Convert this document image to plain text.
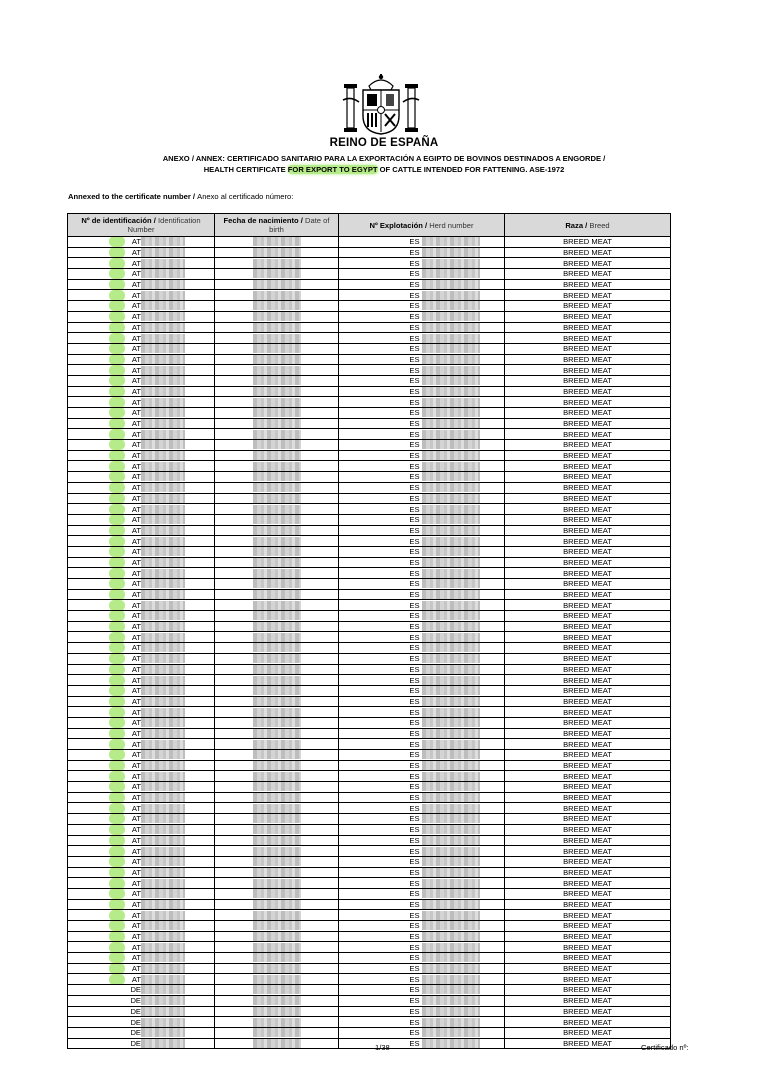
REINO DE ESPAÑA
ANEXO / ANNEX: CERTIFICADO SANITARIO PARA LA EXPORTACIÓN A EGIPTO DE BOVINOS DESTINADOS A ENGORDE /
HEALTH CERTIFICATE FOR EXPORT TO EGYPT OF CATTLE INTENDED FOR FATTENING. ASE-1972
Annexed to the certificate number / Anexo al certificado número:
Nº de identificación / Identification Number	Fecha de nacimiento / Date of birth	Nº Explotación / Herd number	Raza / Breed
AT		ES	BREED MEAT
AT		ES	BREED MEAT
AT		ES	BREED MEAT
AT		ES	BREED MEAT
AT		ES	BREED MEAT
AT		ES	BREED MEAT
AT		ES	BREED MEAT
AT		ES	BREED MEAT
AT		ES	BREED MEAT
AT		ES	BREED MEAT
AT		ES	BREED MEAT
AT		ES	BREED MEAT
AT		ES	BREED MEAT
AT		ES	BREED MEAT
AT		ES	BREED MEAT
AT		ES	BREED MEAT
AT		ES	BREED MEAT
AT		ES	BREED MEAT
AT		ES	BREED MEAT
AT		ES	BREED MEAT
AT		ES	BREED MEAT
AT		ES	BREED MEAT
AT		ES	BREED MEAT
AT		ES	BREED MEAT
AT		ES	BREED MEAT
AT		ES	BREED MEAT
AT		ES	BREED MEAT
AT		ES	BREED MEAT
AT		ES	BREED MEAT
AT		ES	BREED MEAT
AT		ES	BREED MEAT
AT		ES	BREED MEAT
AT		ES	BREED MEAT
AT		ES	BREED MEAT
AT		ES	BREED MEAT
AT		ES	BREED MEAT
AT		ES	BREED MEAT
AT		ES	BREED MEAT
AT		ES	BREED MEAT
AT		ES	BREED MEAT
AT		ES	BREED MEAT
AT		ES	BREED MEAT
AT		ES	BREED MEAT
AT		ES	BREED MEAT
AT		ES	BREED MEAT
AT		ES	BREED MEAT
AT		ES	BREED MEAT
AT		ES	BREED MEAT
AT		ES	BREED MEAT
AT		ES	BREED MEAT
AT		ES	BREED MEAT
AT		ES	BREED MEAT
AT		ES	BREED MEAT
AT		ES	BREED MEAT
AT		ES	BREED MEAT
AT		ES	BREED MEAT
AT		ES	BREED MEAT
AT		ES	BREED MEAT
AT		ES	BREED MEAT
AT		ES	BREED MEAT
AT		ES	BREED MEAT
AT		ES	BREED MEAT
AT		ES	BREED MEAT
AT		ES	BREED MEAT
AT		ES	BREED MEAT
AT		ES	BREED MEAT
AT		ES	BREED MEAT
AT		ES	BREED MEAT
AT		ES	BREED MEAT
AT		ES	BREED MEAT
DE		ES	BREED MEAT
DE		ES	BREED MEAT
DE		ES	BREED MEAT
DE		ES	BREED MEAT
DE		ES	BREED MEAT
DE		ES	BREED MEAT
1/38	Certificado nº:
